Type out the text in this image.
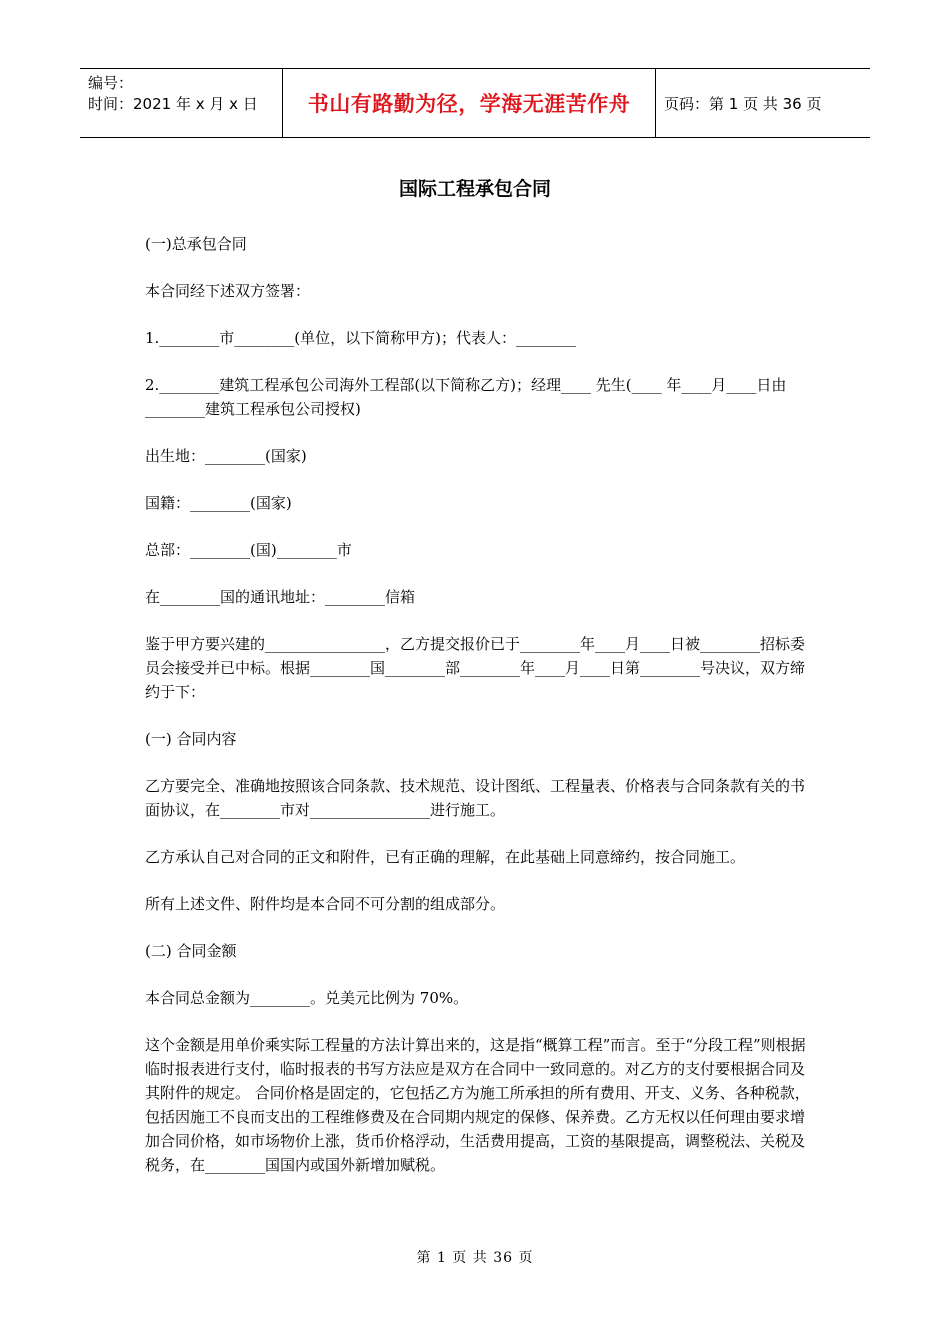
编号：
时间：2021 年 x 月 x 日	书山有路勤为径，学海无涯苦作舟	页码：第 1 页 共 36 页
国际工程承包合同

(一)总承包合同

本合同经下述双方签署：

1.________市________(单位，以下简称甲方)；代表人：________

2.________建筑工程承包公司海外工程部(以下简称乙方)；经理____ 先生(____ 年____月____日由________建筑工程承包公司授权)

出生地：________(国家)

国籍：________(国家)

总部：________(国)________市

在________国的通讯地址：________信箱

鉴于甲方要兴建的________________，乙方提交报价已于________年____月____日被________招标委员会接受并已中标。根据________国________部________年____月____日第________号决议，双方缔约于下：

(一) 合同内容

乙方要完全、准确地按照该合同条款、技术规范、设计图纸、工程量表、价格表与合同条款有关的书面协议，在________市对________________进行施工。

乙方承认自己对合同的正文和附件，已有正确的理解，在此基础上同意缔约，按合同施工。

所有上述文件、附件均是本合同不可分割的组成部分。

(二) 合同金额

本合同总金额为________。兑美元比例为 70%。

这个金额是用单价乘实际工程量的方法计算出来的，这是指“概算工程”而言。至于“分段工程”则根据临时报表进行支付，临时报表的书写方法应是双方在合同中一致同意的。对乙方的支付要根据合同及其附件的规定。 合同价格是固定的，它包括乙方为施工所承担的所有费用、开支、义务、各种税款，包括因施工不良而支出的工程维修费及在合同期内规定的保修、保养费。乙方无权以任何理由要求增加合同价格，如市场物价上涨，货币价格浮动，生活费用提高，工资的基限提高，调整税法、关税及税务，在________国国内或国外新增加赋税。

第 1 页 共 36 页
